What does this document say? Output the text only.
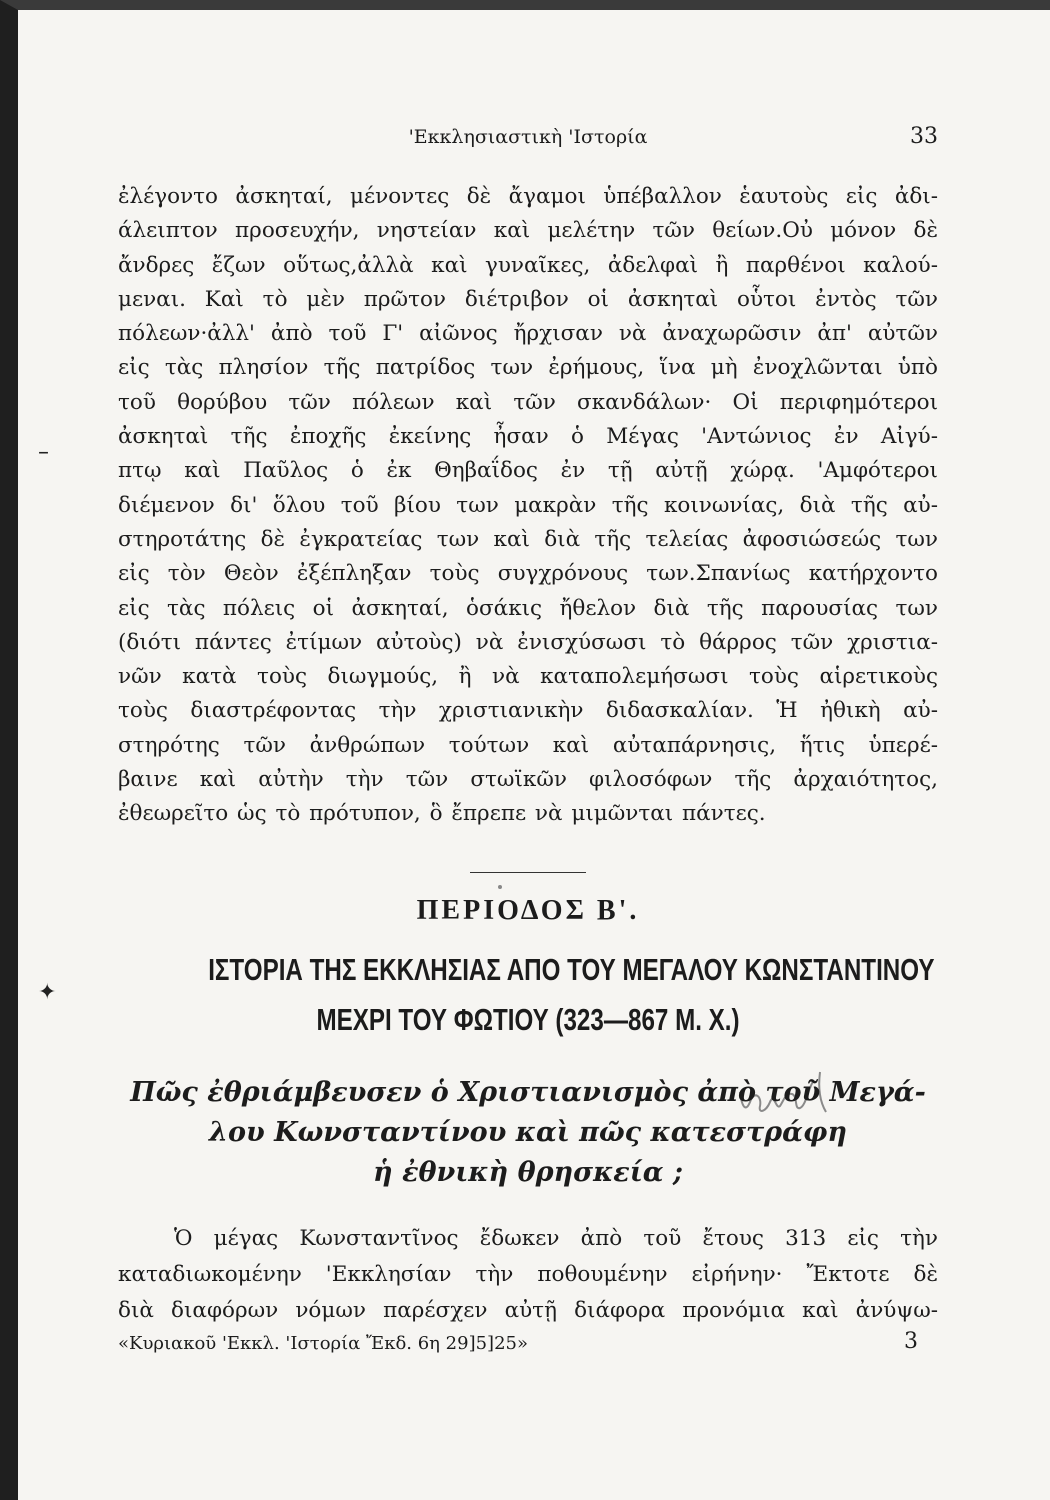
–
✦
'Εκκλησιαστικὴ 'Ιστορία	33
ἐλέγοντο ἀσκηταί, μένοντες δὲ ἄγαμοι ὑπέβαλλον ἑαυτοὺς εἰς ἀδι-
άλειπτον προσευχήν, νηστείαν καὶ μελέτην τῶν θείων.Οὐ μόνον δὲ
ἄνδρες ἔζων οὕτως,ἀλλὰ καὶ γυναῖκες, ἀδελφαὶ ἢ παρθένοι καλού-
μεναι. Καὶ τὸ μὲν πρῶτον διέτριβον οἱ ἀσκηταὶ οὗτοι ἐντὸς τῶν
πόλεων·ἀλλ' ἀπὸ τοῦ Γ' αἰῶνος ἤρχισαν νὰ ἀναχωρῶσιν ἀπ' αὐτῶν
εἰς τὰς πλησίον τῆς πατρίδος των ἐρήμους, ἵνα μὴ ἐνοχλῶνται ὑπὸ
τοῦ θορύβου τῶν πόλεων καὶ τῶν σκανδάλων· Οἱ περιφημότεροι
ἀσκηταὶ τῆς ἐποχῆς ἐκείνης ἦσαν ὁ Μέγας 'Αντώνιος ἐν Αἰγύ-
πτῳ καὶ Παῦλος ὁ ἐκ Θηβαΐδος ἐν τῇ αὐτῇ χώρᾳ. 'Αμφότεροι
διέμενον δι' ὅλου τοῦ βίου των μακρὰν τῆς κοινωνίας, διὰ τῆς αὐ-
στηροτάτης δὲ ἐγκρατείας των καὶ διὰ τῆς τελείας ἀφοσιώσεώς των
εἰς τὸν Θεὸν ἐξέπληξαν τοὺς συγχρόνους των.Σπανίως κατήρχοντο
εἰς τὰς πόλεις οἱ ἀσκηταί, ὁσάκις ἤθελον διὰ τῆς παρουσίας των
(διότι πάντες ἐτίμων αὐτοὺς) νὰ ἐνισχύσωσι τὸ θάρρος τῶν χριστια-
νῶν κατὰ τοὺς διωγμούς, ἢ νὰ καταπολεμήσωσι τοὺς αἱρετικοὺς
τοὺς διαστρέφοντας τὴν χριστιανικὴν διδασκαλίαν. Ἡ ἠθικὴ αὐ-
στηρότης τῶν ἀνθρώπων τούτων καὶ αὐταπάρνησις, ἥτις ὑπερέ-
βαινε καὶ αὐτὴν τὴν τῶν στωϊκῶν φιλοσόφων τῆς ἀρχαιότητος,
ἐθεωρεῖτο ὡς τὸ πρότυπον, ὃ ἔπρεπε νὰ μιμῶνται πάντες.
ΠΕΡΙΟΔΟΣ Β'.
ΙΣΤΟΡΙΑ ΤΗΣ ΕΚΚΛΗΣΙΑΣ ΑΠΟ ΤΟΥ ΜΕΓΑΛΟΥ ΚΩΝΣΤΑΝΤΙΝΟΥ
ΜΕΧΡΙ ΤΟΥ ΦΩΤΙΟΥ (323—867 Μ. Χ.)
Πῶς ἐθριάμβευσεν ὁ Χριστιανισμὸς ἀπὸ τοῦ Μεγά-
λου Κωνσταντίνου καὶ πῶς κατεστράφη
ἡ ἐθνικὴ θρησκεία ;
Ὁ μέγας Κωνσταντῖνος ἔδωκεν ἀπὸ τοῦ ἔτους 313 εἰς τὴν
καταδιωκομένην 'Εκκλησίαν τὴν ποθουμένην εἰρήνην· Ἔκτοτε δὲ
διὰ διαφόρων νόμων παρέσχεν αὐτῇ διάφορα προνόμια καὶ ἀνύψω-
«Κυριακοῦ 'Εκκλ. 'Ιστορία Ἔκδ. 6η 29]5]25»	3
